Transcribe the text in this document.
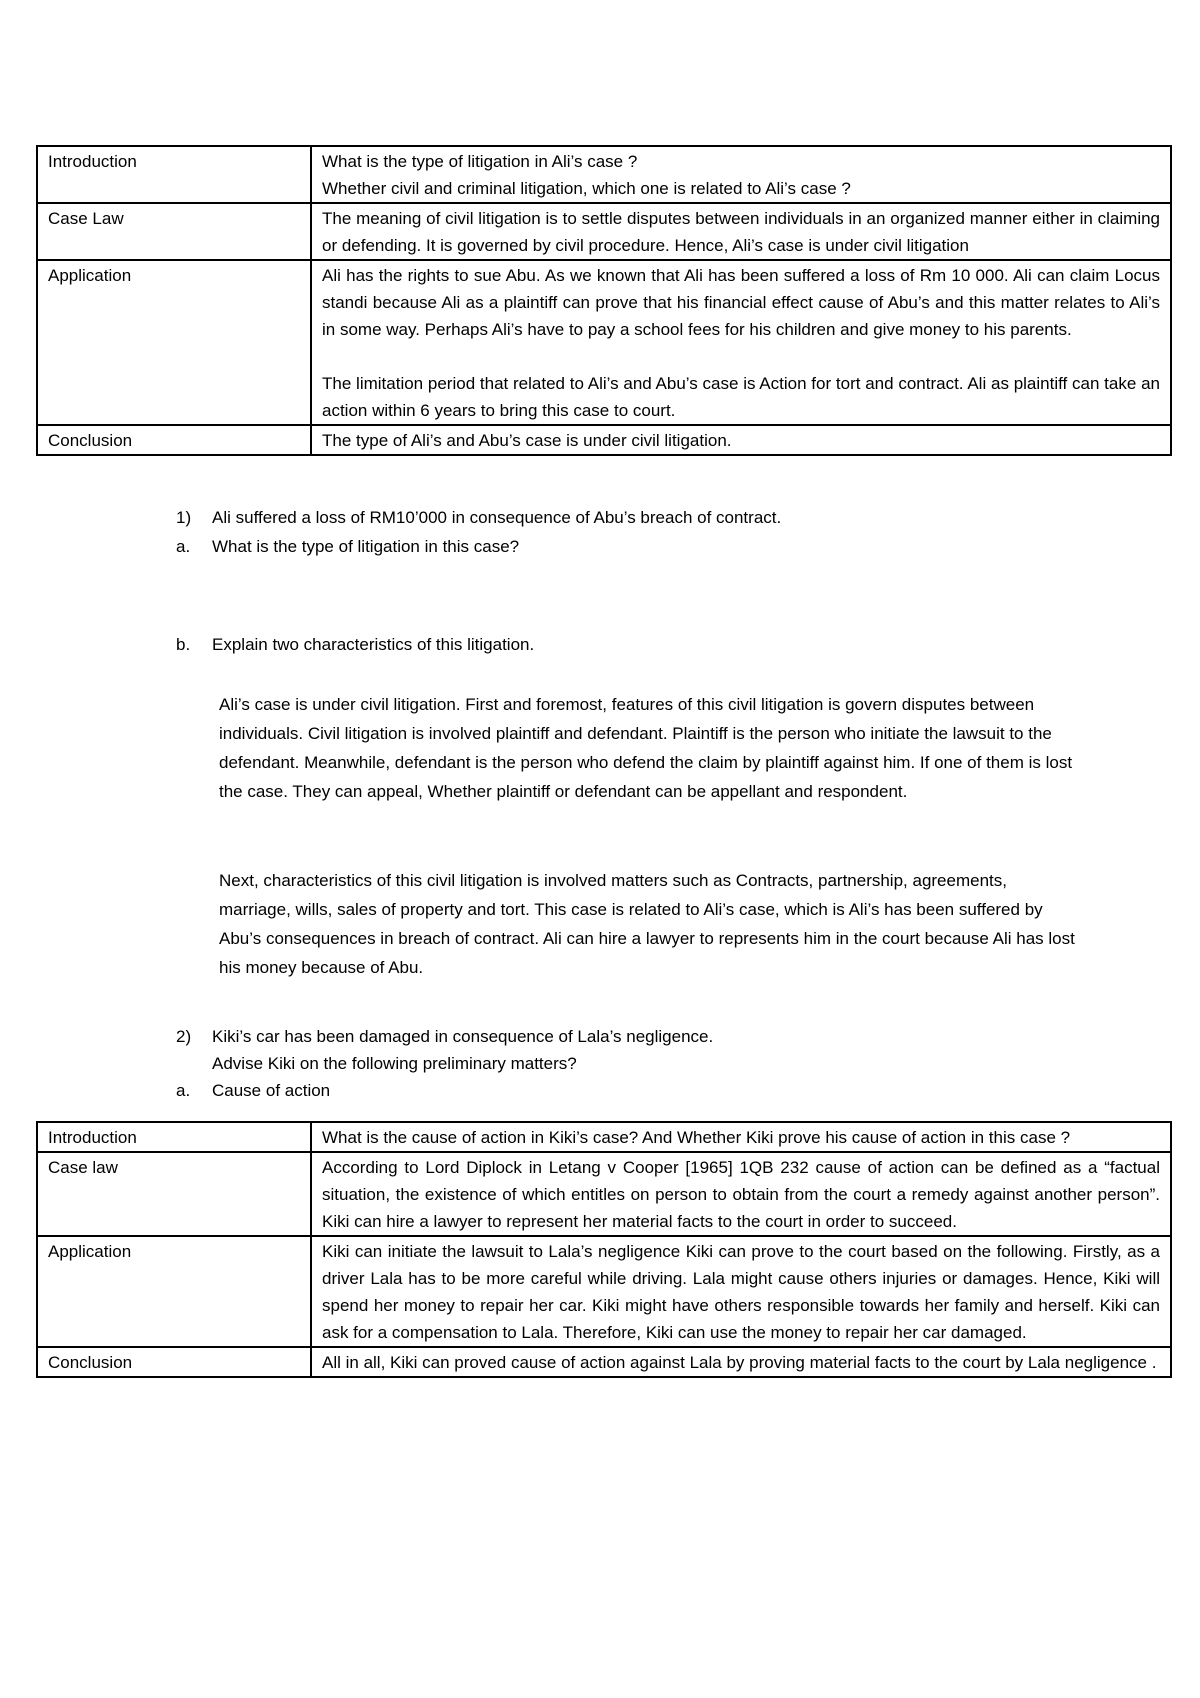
Introduction	What is the type of litigation in Ali’s case ?

Whether civil and criminal litigation, which one is related to Ali’s case ?

Case Law	The meaning of civil litigation is to settle disputes between individuals in an organized manner either in claiming or defending. It is governed by civil procedure. Hence, Ali’s case is under civil litigation

Application	Ali has the rights to sue Abu. As we known that Ali has been suffered a loss of Rm 10 000. Ali can claim Locus standi because Ali as a plaintiff can prove that his financial effect cause of Abu’s and this matter relates to Ali’s in some way. Perhaps Ali’s have to pay a school fees for his children and give money to his parents.

The limitation period that related to Ali’s and Abu’s case is Action for tort and contract. Ali as plaintiff can take an action within 6 years to bring this case to court.

Conclusion	The type of Ali’s and Abu’s case is under civil litigation.

1) Ali suffered a loss of RM10’000 in consequence of Abu’s breach of contract.
a. What is the type of litigation in this case?
b. Explain two characteristics of this litigation.

Ali’s case is under civil litigation. First and foremost, features of this civil litigation is govern disputes between individuals. Civil litigation is involved plaintiff and defendant. Plaintiff is the person who initiate the lawsuit to the defendant. Meanwhile, defendant is the person who defend the claim by plaintiff against him. If one of them is lost the case. They can appeal, Whether plaintiff or defendant can be appellant and respondent.

Next, characteristics of this civil litigation is involved matters such as Contracts, partnership, agreements, marriage, wills, sales of property and tort. This case is related to Ali’s case, which is Ali’s has been suffered by Abu’s consequences in breach of contract. Ali can hire a lawyer to represents him in the court because Ali has lost his money because of Abu.

2) Kiki’s car has been damaged in consequence of Lala’s negligence.
Advise Kiki on the following preliminary matters?
a. Cause of action
Introduction	What is the cause of action in Kiki’s case? And Whether Kiki prove his cause of action in this case ?

Case law	According to Lord Diplock in Letang v Cooper [1965] 1QB 232 cause of action can be defined as a “factual situation, the existence of which entitles on person to obtain from the court a remedy against another person”. Kiki can hire a lawyer to represent her material facts to the court in order to succeed.

Application	Kiki can initiate the lawsuit to Lala’s negligence Kiki can prove to the court based on the following. Firstly, as a driver Lala has to be more careful while driving. Lala might cause others injuries or damages. Hence, Kiki will spend her money to repair her car. Kiki might have others responsible towards her family and herself. Kiki can ask for a compensation to Lala. Therefore, Kiki can use the money to repair her car damaged.

Conclusion	All in all, Kiki can proved cause of action against Lala by proving material facts to the court by Lala negligence .
